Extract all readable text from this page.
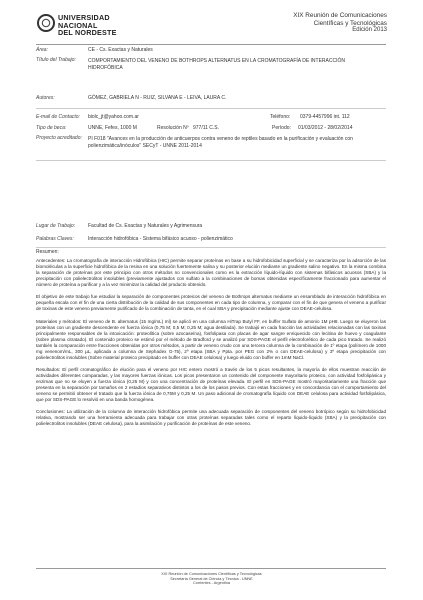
UNIVERSIDAD
NACIONAL
DEL NORDESTE
XIX Reunión de Comunicaciones
Científicas y Tecnológicas
Edición 2013
Área:	CE - Cs. Exactas y Naturales
Título del Trabajo: COMPORTAMIENTO DEL VENENO DE BOTHROPS ALTERNATUS EN LA CROMATOGRAFÍA DE INTERACCIÓN HIDROFÓBICA
Autores:	GÓMEZ, GABRIELA N - RUIZ, SILVANA E - LEIVA, LAURA C.
E-mail de Contacto: biolc_jt@yahoo.com.ar	Teléfono: 0379-4457996 int. 112
Tipo de beca:	UNNE, Fefes, 1000 M	Resolución Nº 977/11 C.S.	Período: 01/03/2012 - 28/02/2014
Proyecto acreditado: PI F018 "Avances en la producción de anticuerpos contra veneno de reptiles basado en la purificación y evaluación con polienzimática/inóculos" SECyT - UNNE 2011-2014
Lugar de Trabajo:	Facultad de Cs. Exactas y Naturales y Agrimensura
Palabras Claves:	Interacción hidrofóbica - Sistema bifásico acuoso - polienzimático
Resumen:

Antecedentes: La cromatografía de interacción Hidrofóbica (HIC) permite separar proteínas en base a su hidrofobicidad superficial y se caracteriza por la adsorción de las biomoléculas a la superficie hidrofóbica de la resina en una solución fuertemente salina y su posterior elución mediante un gradiente salino negativo. En la misma combina la separación de proteínas por este principio con otros métodos no convencionales como es la extracción líquido-líquido con sistemas bifásicos acuosos (SBA) y la precipitación con polielectrolitos insolubles (previamente ajustados con sulfato a la combinaciones de bomas obtenidas específicamente fraccionado para aumentar el número de proteína a purificar y a la vez minimizar la calidad del producto obtenido.

El objetivo de este trabajo fue estudiar la separación de componentes proteicos del veneno de Bothrops alternatus mediante un ensamblado de interacción hidrofóbica en pequeña escala con el fin de una cierta distribución de la calidad de sus componentes en cada tipo de columna, y comparar con el fin de que genera el veneno a purificar de toxinas de este veneno previamente purificado de la combinación de tanta, en el cual SBA y precipitación mediante ajuste con DEAE-celulosa.

Materiales y métodos: El veneno de B. alternatus (15 mg/mL) ml) se aplicó en una columna HiTrap Butyl FF, en buffer Sulfato de amonio 1M pH8. Luego se eluyeron las proteínas con un gradiente descendente en fuerza iónica (0,75 M; 0,5 M; 0,25 M; agua destilada). Se trabajó en cada fracción las actividades relacionadas con las toxinas principalmente responsables de la intoxicación: proteolítica (sobre azocaseína), fosfolipasa con placas de agar sangre enriquecido con lecitina de huevo y coagulante (sobre plasma citratado). El contenido proteico se estimó por el método de Bradford y se analizó por SDS-PAGE el perfil electroforético de cada pico tratado. Se realizó también la comparación entre fracciones obtenidas por otros métodos, a partir de veneno crudo con una tercera columna de la combinación de 1º etapa (polímero de 1000 mg venenom/mL, 300 µL, aplicada a columna de Sephadex G-75), 2º etapa (SBA y Ppta. por PEG con 2% o con DEAE-celulosa) y 3º etapa precipitación con polielectrolitos insolubles (Sobre material proteico precipitado en buffer con DEAE celulosa) y luego eluido con buffer en 1mM NaCl.

Resultados: El perfil cromatográfico de elución para el veneno por HIC entero mostró a través de los 5 picos resultantes, la mayoría de ellos muestran reacción de actividades diferentes comparadas, y las mayores fuerzas iónicas. Los picos presentaron un contenido del componente mayoritario proteico, con actividad fosfolipásica y enzimas que no se eluyen a fuerza iónica (0,25 M) y con una concentración de proteínas elevada. El perfil en SDS-PAGE mostró mayoritariamente una fracción que presenta en la separación por tamaños en 2 estadios separativos distintos a los de los pasos previos. Con estas fracciones y en concordancia con el comportamiento del veneno se permitió obtener el tratado que la fuerza iónica de 0,75M y 0,25 M. Un paso adicional de cromatografía líquido con DEAE celulosa para actividad fosfolipásica, que por SDS-PAGE lo resolvió en una banda homogénea.

Conclusiones: La utilización de la columna de interacción hidrofóbica permite una adecuada separación de componentes del veneno botrópico según su hidrofobicidad relativa, mostrando ser una herramienta adecuada para trabajar con otras proteínas separadas tales como el reparto líquido-líquido (SBA) y la precipitación con polielectrolitos insolubles (DEAE celulosa), para la asimilación y purificación de proteínas de este veneno.

XIX Reunión de Comunicaciones Científicas y Tecnológicas
Secretaría General de Ciencia y Técnica - UNNE
Corrientes - Argentina
